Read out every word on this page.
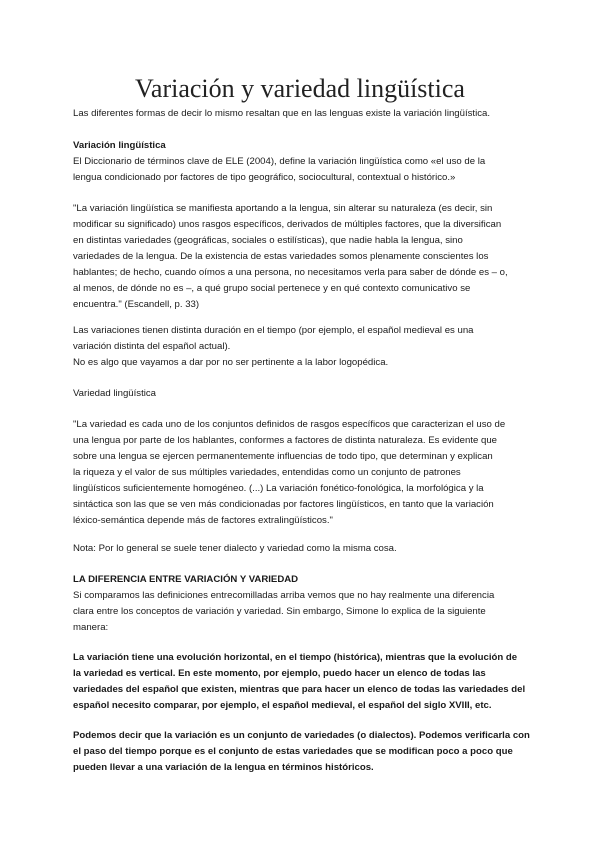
Variación y variedad lingüística
Las diferentes formas de decir lo mismo resaltan que en las lenguas existe la variación lingüística.
Variación lingüística
El Diccionario de términos clave de ELE (2004), define la variación lingüística como «el uso de la
lengua condicionado por factores de tipo geográfico, sociocultural, contextual o histórico.»
"La variación lingüística se manifiesta aportando a la lengua, sin alterar su naturaleza (es decir, sin
modificar su significado) unos rasgos específicos, derivados de múltiples factores, que la diversifican
en distintas variedades (geográficas, sociales o estilísticas), que nadie habla la lengua, sino
variedades de la lengua. De la existencia de estas variedades somos plenamente conscientes los
hablantes; de hecho, cuando oímos a una persona, no necesitamos verla para saber de dónde es – o,
al menos, de dónde no es –, a qué grupo social pertenece y en qué contexto comunicativo se
encuentra." (Escandell, p. 33)
Las variaciones tienen distinta duración en el tiempo (por ejemplo, el español medieval es una
variación distinta del español actual).
No es algo que vayamos a dar por no ser pertinente a la labor logopédica.
Variedad lingüística
"La variedad es cada uno de los conjuntos definidos de rasgos específicos que caracterizan el uso de
una lengua por parte de los hablantes, conformes a factores de distinta naturaleza. Es evidente que
sobre una lengua se ejercen permanentemente influencias de todo tipo, que determinan y explican
la riqueza y el valor de sus múltiples variedades, entendidas como un conjunto de patrones
lingüísticos suficientemente homogéneo. (...) La variación fonético-fonológica, la morfológica y la
sintáctica son las que se ven más condicionadas por factores lingüísticos, en tanto que la variación
léxico-semántica depende más de factores extralingüísticos."
Nota: Por lo general se suele tener dialecto y variedad como la misma cosa.
LA DIFERENCIA ENTRE VARIACIÓN Y VARIEDAD
Si comparamos las definiciones entrecomilladas arriba vemos que no hay realmente una diferencia
clara entre los conceptos de variación y variedad. Sin embargo, Simone lo explica de la siguiente
manera:
La variación tiene una evolución horizontal, en el tiempo (histórica), mientras que la evolución de
la variedad es vertical. En este momento, por ejemplo, puedo hacer un elenco de todas las
variedades del español que existen, mientras que para hacer un elenco de todas las variedades del
español necesito comparar, por ejemplo, el español medieval, el español del siglo XVIII, etc.
Podemos decir que la variación es un conjunto de variedades (o dialectos). Podemos verificarla con
el paso del tiempo porque es el conjunto de estas variedades que se modifican poco a poco que
pueden llevar a una variación de la lengua en términos históricos.
